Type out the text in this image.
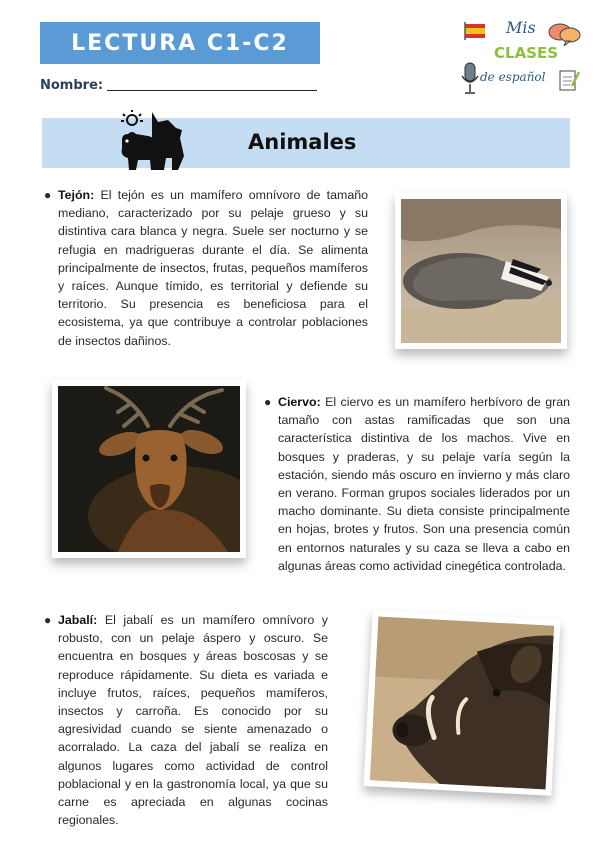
LECTURA C1-C2
Nombre:
Mis
CLASES
de español
Animales
● Tejón: El tejón es un mamífero omnívoro de tamaño mediano, caracterizado por su pelaje grueso y su distintiva cara blanca y negra. Suele ser nocturno y se refugia en madrigueras durante el día. Se alimenta principalmente de insectos, frutas, pequeños mamíferos y raíces. Aunque tímido, es territorial y defiende su territorio. Su presencia es beneficiosa para el ecosistema, ya que contribuye a controlar poblaciones de insectos dañinos.
● Ciervo: El ciervo es un mamífero herbívoro de gran tamaño con astas ramificadas que son una característica distintiva de los machos. Vive en bosques y praderas, y su pelaje varía según la estación, siendo más oscuro en invierno y más claro en verano. Forman grupos sociales liderados por un macho dominante. Su dieta consiste principalmente en hojas, brotes y frutos. Son una presencia común en entornos naturales y su caza se lleva a cabo en algunas áreas como actividad cinegética controlada.
● Jabalí: El jabalí es un mamífero omnívoro y robusto, con un pelaje áspero y oscuro. Se encuentra en bosques y áreas boscosas y se reproduce rápidamente. Su dieta es variada e incluye frutos, raíces, pequeños mamíferos, insectos y carroña. Es conocido por su agresividad cuando se siente amenazado o acorralado. La caza del jabalí se realiza en algunos lugares como actividad de control poblacional y en la gastronomía local, ya que su carne es apreciada en algunas cocinas regionales.
